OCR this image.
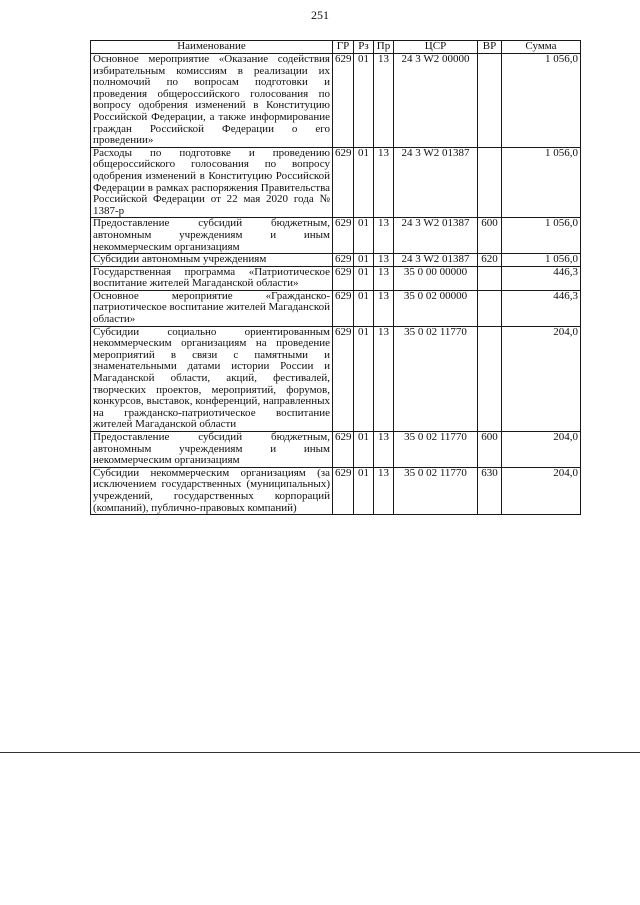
251
Наименование	ГР	Рз	Пр	ЦСР	ВР	Сумма
Основное мероприятие «Оказание содействия избирательным комиссиям в реализации их полномочий по вопросам подготовки и проведения общероссийского голосования по вопросу одобрения изменений в Конституцию Российской Федерации, а также информирование граждан Российской Федерации о его проведении»	629	01	13	24 3 W2 00000		1 056,0
Расходы по подготовке и проведению общероссийского голосования по вопросу одобрения изменений в Конституцию Российской Федерации в рамках распоряжения Правительства Российской Федерации от 22 мая 2020 года № 1387-р	629	01	13	24 3 W2 01387		1 056,0
Предоставление субсидий бюджетным, автономным учреждениям и иным некоммерческим организациям	629	01	13	24 3 W2 01387	600	1 056,0
Субсидии автономным учреждениям	629	01	13	24 3 W2 01387	620	1 056,0
Государственная программа «Патриотическое воспитание жителей Магаданской области»	629	01	13	35 0 00 00000		446,3
Основное мероприятие «Гражданско-патриотическое воспитание жителей Магаданской области»	629	01	13	35 0 02 00000		446,3
Субсидии социально ориентированным некоммерческим организациям на проведение мероприятий в связи с памятными и знаменательными датами истории России и Магаданской области, акций, фестивалей, творческих проектов, мероприятий, форумов, конкурсов, выставок, конференций, направленных на гражданско-патриотическое воспитание жителей Магаданской области	629	01	13	35 0 02 11770		204,0
Предоставление субсидий бюджетным, автономным учреждениям и иным некоммерческим организациям	629	01	13	35 0 02 11770	600	204,0
Субсидии некоммерческим организациям (за исключением государственных (муниципальных) учреждений, государственных корпораций (компаний), публично-правовых компаний)	629	01	13	35 0 02 11770	630	204,0
